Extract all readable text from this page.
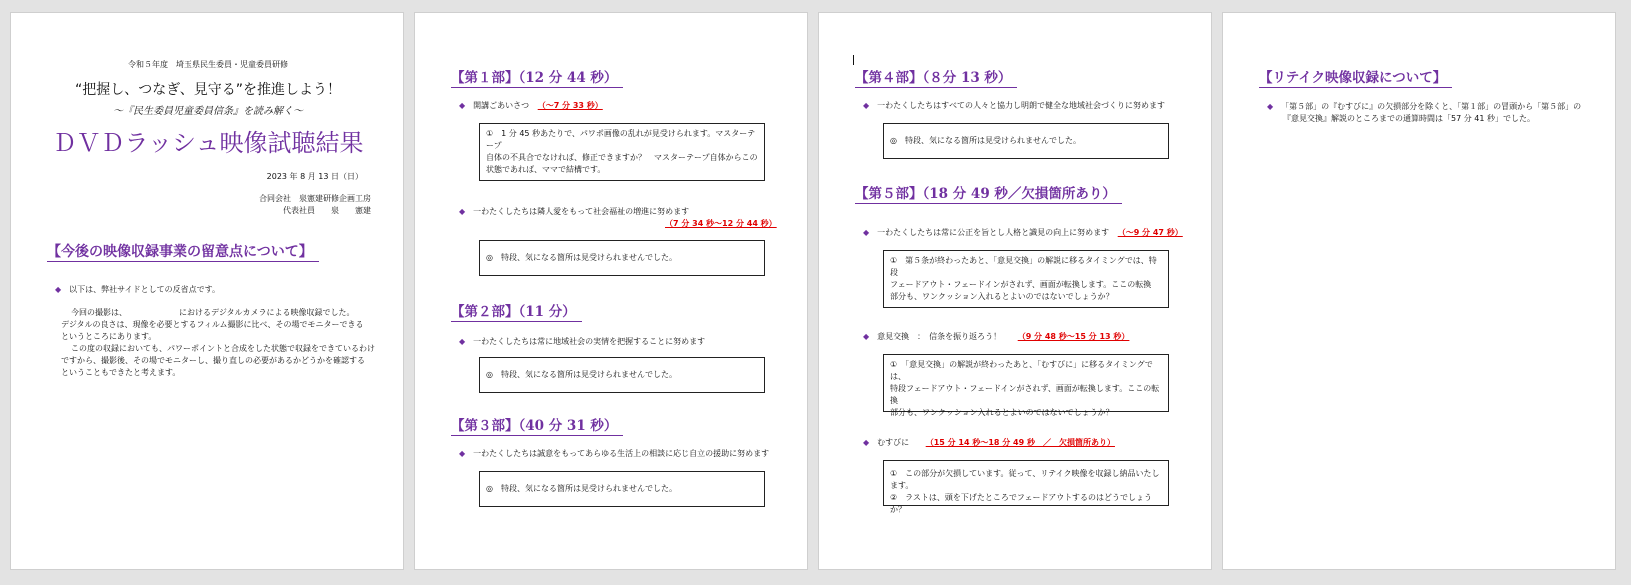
令和５年度　埼玉県民生委員・児童委員研修
“把握し、つなぎ、見守る”を推進しよう！
～『民生委員児童委員信条』を読み解く～
ＤＶＤラッシュ映像試聴結果
2023 年 8 月 13 日（日）
合同会社　泉憲建研修企画工房
代表社員　　泉　　憲建
【今後の映像収録事業の留意点について】
◆ 以下は、弊社サイドとしての反省点です。
今回の撮影は、　　　　　　　におけるデジタルカメラによる映像収録でした。
デジタルの良さは、現像を必要とするフィルム撮影に比べ、その場でモニターできる
というところにあります。
この度の収録においても、パワーポイントと合成をした状態で収録をできているわけ
ですから、撮影後、その場でモニターし、撮り直しの必要があるかどうかを確認する
ということもできたと考えます。
【第１部】（12 分 44 秒）
◆ 開講ごあいさつ （～7 分 33 秒）
①　1 分 45 秒あたりで、パワポ画像の乱れが見受けられます。マスターテープ
自体の不具合でなければ、修正できますか？　マスターテープ自体からこの
状態であれば、ママで結構です。
◆ 一わたくしたちは隣人愛をもって社会福祉の増進に努めます
（7 分 34 秒～12 分 44 秒）
◎　特段、気になる箇所は見受けられませんでした。
【第２部】（11 分）
◆ 一わたくしたちは常に地域社会の実情を把握することに努めます
◎　特段、気になる箇所は見受けられませんでした。
【第３部】（40 分 31 秒）
◆ 一わたくしたちは誠意をもってあらゆる生活上の相談に応じ自立の援助に努めます
◎　特段、気になる箇所は見受けられませんでした。
【第４部】（８分 13 秒）
◆ 一わたくしたちはすべての人々と協力し明朗で健全な地域社会づくりに努めます
◎　特段、気になる箇所は見受けられませんでした。
【第５部】（18 分 49 秒／欠損箇所あり）
◆ 一わたくしたちは常に公正を旨とし人格と識見の向上に努めます （～9 分 47 秒）
①　第５条が終わったあと、「意見交換」の解説に移るタイミングでは、特段
フェードアウト・フェードインがされず、画面が転換します。ここの転換
部分も、ワンクッション入れるとよいのではないでしょうか？
◆ 意見交換　：　信条を振り返ろう！ （9 分 48 秒～15 分 13 秒）
①　「意見交換」の解説が終わったあと、「むすびに」に移るタイミングでは、
特段フェードアウト・フェードインがされず、画面が転換します。ここの転換
部分も、ワンクッション入れるとよいのではないでしょうか？
◆ むすびに （15 分 14 秒～18 分 49 秒　／　欠損箇所あり）
①　この部分が欠損しています。従って、リテイク映像を収録し納品いたします。
②　ラストは、頭を下げたところでフェードアウトするのはどうでしょうか？
【リテイク映像収録について】
◆ 「第５部」の『むすびに』の欠損部分を除くと、「第１部」の冒頭から「第５部」の
『意見交換』解説のところまでの通算時間は「57 分 41 秒」でした。
